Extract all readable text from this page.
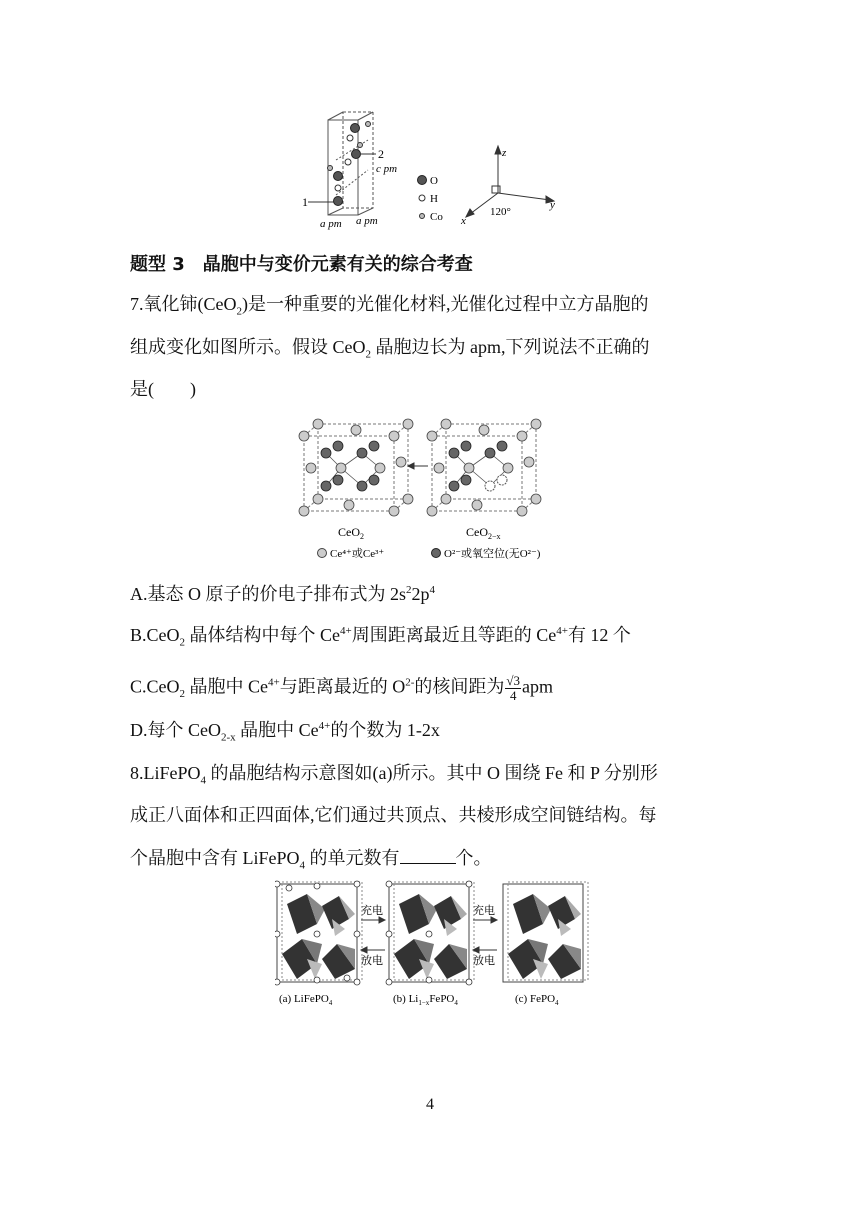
2
c pm
1
a pm a pm
O
H
Co
z
y
x
120°
题型 3　晶胞中与变价元素有关的综合考查
7.氧化铈(CeO$_2$)是一种重要的光催化材料,光催化过程中立方晶胞的
组成变化如图所示。假设 CeO$_2$ 晶胞边长为 apm,下列说法不正确的
是(　　)
CeO$_2$	CeO$_{2-x}$
Ce⁴⁺或Ce³⁺	O²⁻或氧空位(无O²⁻)
A.基态 O 原子的价电子排布式为 $2s^22p^4$
B.CeO$_2$ 晶体结构中每个 $Ce^{4+}$周围距离最近且等距的 $Ce^{4+}$有 12 个
C.CeO$_2$ 晶胞中 $Ce^{4+}$与距离最近的 $O^{2-}$的核间距为 $\frac{√3}{4}$ apm
D.每个 CeO$_{2-x}$ 晶胞中 $Ce^{4+}$的个数为 1-2x
8.LiFePO$_4$ 的晶胞结构示意图如(a)所示。其中 O 围绕 Fe 和 P 分别形
成正八面体和正四面体,它们通过共顶点、共棱形成空间链结构。每
个晶胞中含有 LiFePO$_4$ 的单元数有	个。
充电
放电
充电
放电
(a) LiFePO$_4$	(b) $Li_{1-x}FePO_4$	(c) FePO$_4$
4
